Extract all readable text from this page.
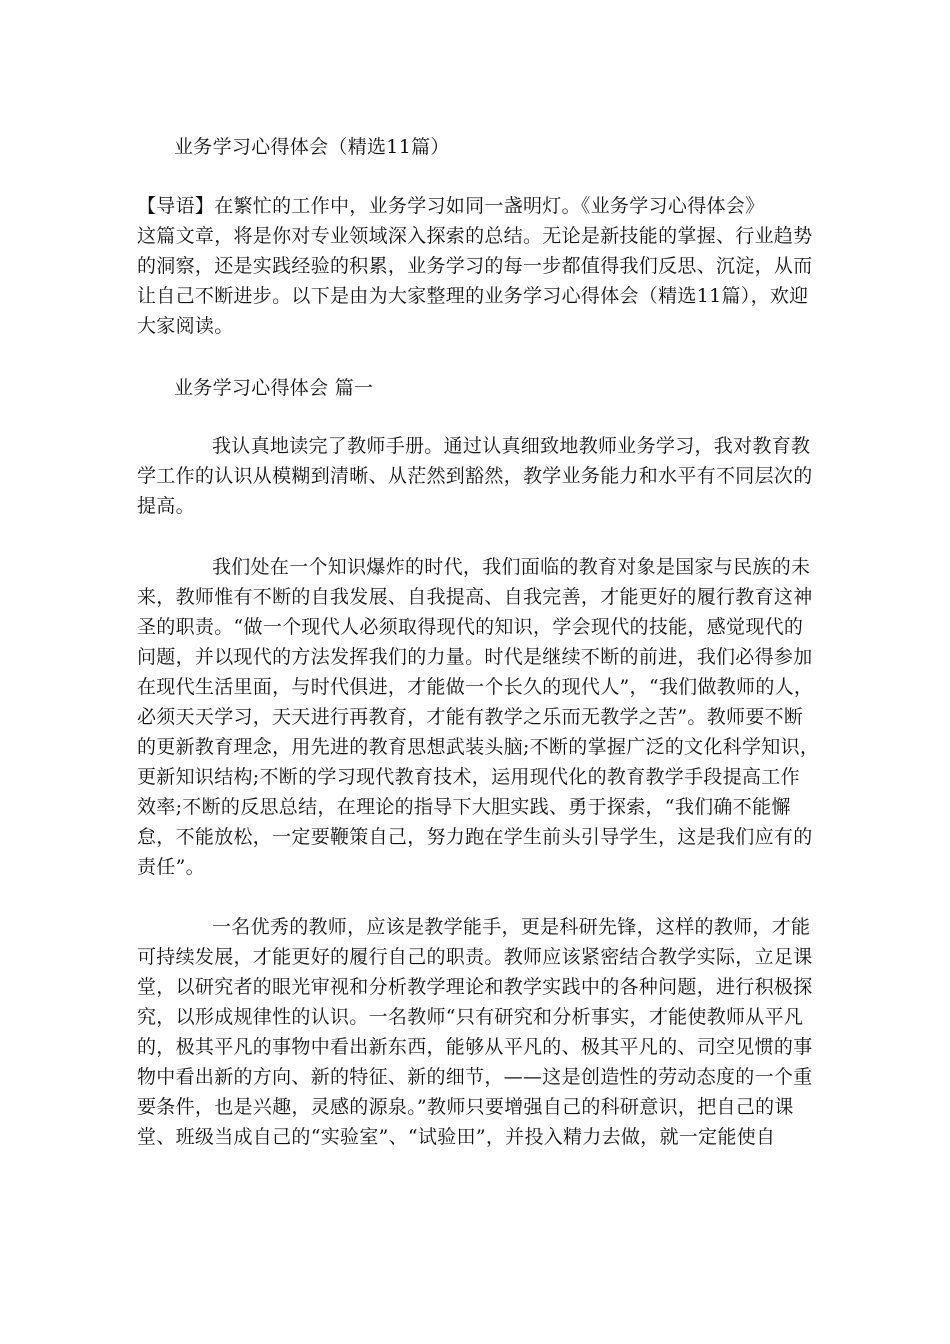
业务学习心得体会（精选11篇）
【导语】在繁忙的工作中，业务学习如同一盏明灯。《业务学习心得体会》
这篇文章，将是你对专业领域深入探索的总结。无论是新技能的掌握、行业趋势
的洞察，还是实践经验的积累，业务学习的每一步都值得我们反思、沉淀，从而
让自己不断进步。以下是由为大家整理的业务学习心得体会（精选11篇），欢迎
大家阅读。
业务学习心得体会 篇一
我认真地读完了教师手册。通过认真细致地教师业务学习，我对教育教
学工作的认识从模糊到清晰、从茫然到豁然，教学业务能力和水平有不同层次的
提高。
我们处在一个知识爆炸的时代，我们面临的教育对象是国家与民族的未
来，教师惟有不断的自我发展、自我提高、自我完善，才能更好的履行教育这神
圣的职责。“做一个现代人必须取得现代的知识，学会现代的技能，感觉现代的
问题，并以现代的方法发挥我们的力量。时代是继续不断的前进，我们必得参加
在现代生活里面，与时代俱进，才能做一个长久的现代人”，“我们做教师的人，
必须天天学习，天天进行再教育，才能有教学之乐而无教学之苦”。教师要不断
的更新教育理念，用先进的教育思想武装头脑;不断的掌握广泛的文化科学知识，
更新知识结构;不断的学习现代教育技术，运用现代化的教育教学手段提高工作
效率;不断的反思总结，在理论的指导下大胆实践、勇于探索，“我们确不能懈
怠，不能放松，一定要鞭策自己，努力跑在学生前头引导学生，这是我们应有的
责任”。
一名优秀的教师，应该是教学能手，更是科研先锋，这样的教师，才能
可持续发展，才能更好的履行自己的职责。教师应该紧密结合教学实际，立足课
堂，以研究者的眼光审视和分析教学理论和教学实践中的各种问题，进行积极探
究，以形成规律性的认识。一名教师“只有研究和分析事实，才能使教师从平凡
的，极其平凡的事物中看出新东西，能够从平凡的、极其平凡的、司空见惯的事
物中看出新的方向、新的特征、新的细节，——这是创造性的劳动态度的一个重
要条件，也是兴趣，灵感的源泉。”教师只要增强自己的科研意识，把自己的课
堂、班级当成自己的“实验室”、“试验田”，并投入精力去做，就一定能使自
